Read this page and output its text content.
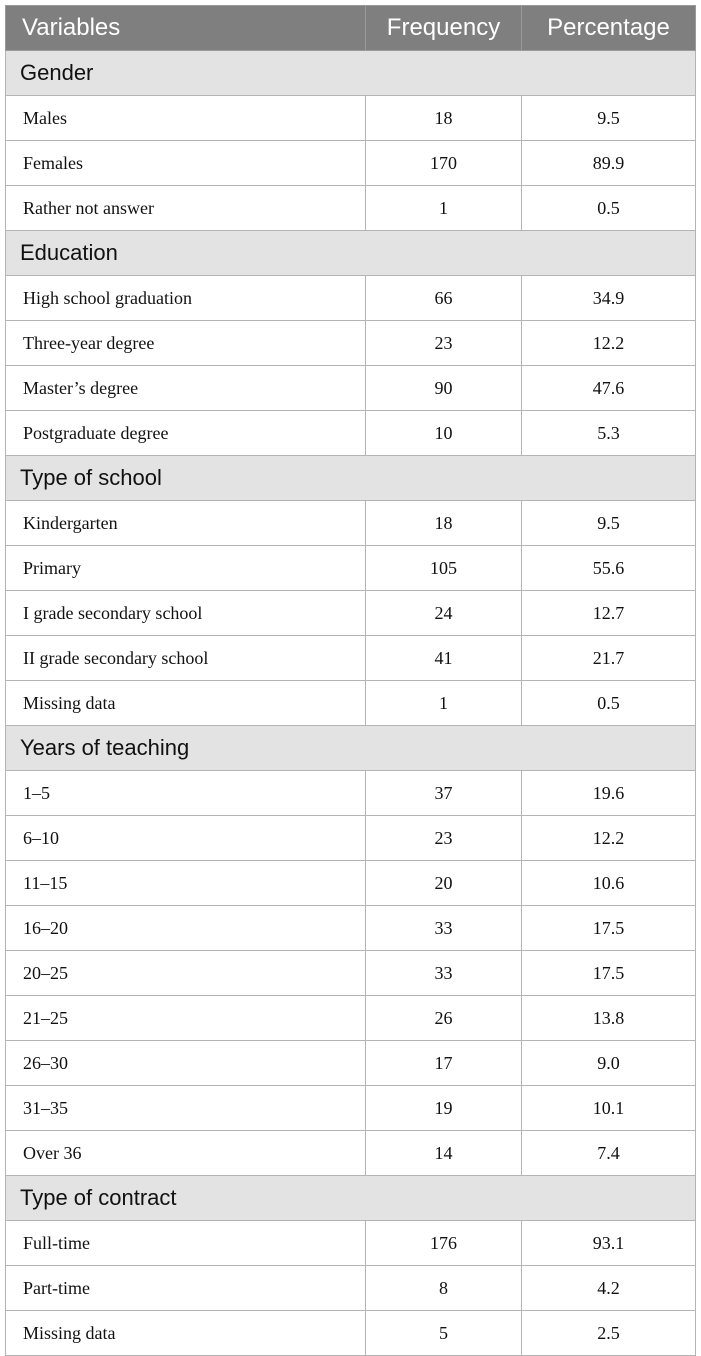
Variables	Frequency	Percentage
Gender		
Males	18	9.5
Females	170	89.9
Rather not answer	1	0.5
Education		
High school graduation	66	34.9
Three-year degree	23	12.2
Master’s degree	90	47.6
Postgraduate degree	10	5.3
Type of school		
Kindergarten	18	9.5
Primary	105	55.6
I grade secondary school	24	12.7
II grade secondary school	41	21.7
Missing data	1	0.5
Years of teaching		
1–5	37	19.6
6–10	23	12.2
11–15	20	10.6
16–20	33	17.5
20–25	33	17.5
21–25	26	13.8
26–30	17	9.0
31–35	19	10.1
Over 36	14	7.4
Type of contract		
Full-time	176	93.1
Part-time	8	4.2
Missing data	5	2.5
